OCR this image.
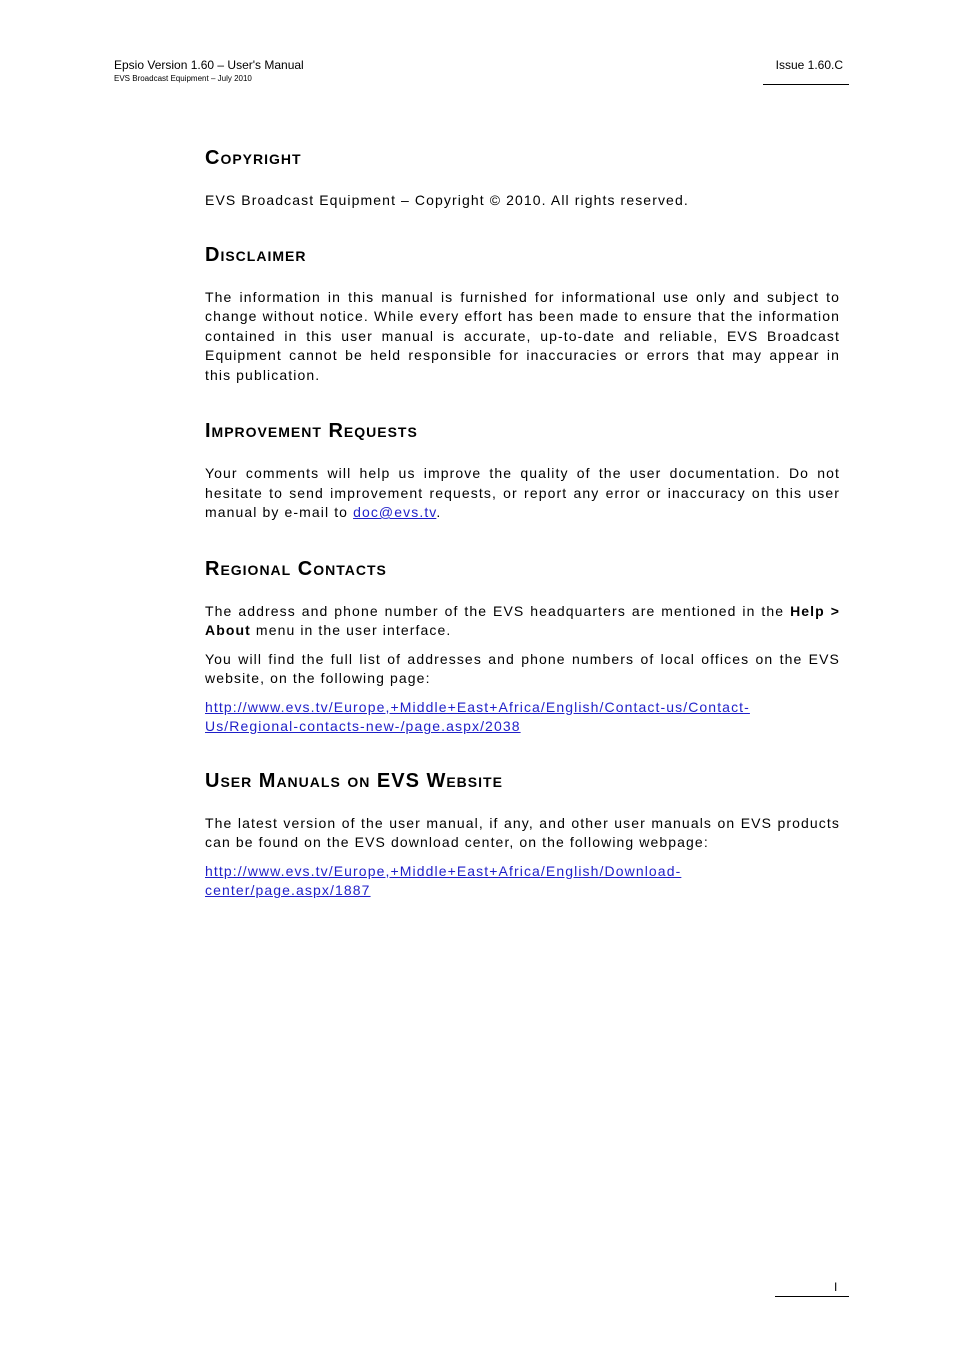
Epsio Version 1.60 – User's Manual
EVS Broadcast Equipment – July 2010
Issue 1.60.C
Copyright

EVS Broadcast Equipment – Copyright © 2010. All rights reserved.

Disclaimer

The information in this manual is furnished for informational use only and subject to change without notice. While every effort has been made to ensure that the information contained in this user manual is accurate, up-to-date and reliable, EVS Broadcast Equipment cannot be held responsible for inaccuracies or errors that may appear in this publication.

Improvement Requests

Your comments will help us improve the quality of the user documentation. Do not hesitate to send improvement requests, or report any error or inaccuracy on this user manual by e-mail to doc@evs.tv.

Regional Contacts

The address and phone number of the EVS headquarters are mentioned in the Help > About menu in the user interface.

You will find the full list of addresses and phone numbers of local offices on the EVS website, on the following page:

http://www.evs.tv/Europe,+Middle+East+Africa/English/Contact-us/Contact-
Us/Regional-contacts-new-/page.aspx/2038
User Manuals on EVS Website

The latest version of the user manual, if any, and other user manuals on EVS products can be found on the EVS download center, on the following webpage:

http://www.evs.tv/Europe,+Middle+East+Africa/English/Download-
center/page.aspx/1887
I
